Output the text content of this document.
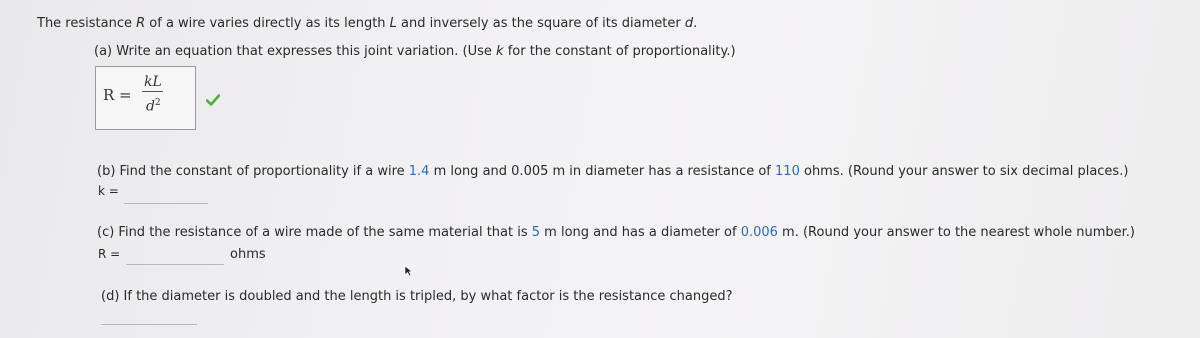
The resistance R of a wire varies directly as its length L and inversely as the square of its diameter d.
(a) Write an equation that expresses this joint variation. (Use k for the constant of proportionality.)
R =
kL
$d^2$
(b) Find the constant of proportionality if a wire 1.4 m long and 0.005 m in diameter has a resistance of 110 ohms. (Round your answer to six decimal places.)
k =
(c) Find the resistance of a wire made of the same material that is 5 m long and has a diameter of 0.006 m. (Round your answer to the nearest whole number.)
R =	ohms
(d) If the diameter is doubled and the length is tripled, by what factor is the resistance changed?
